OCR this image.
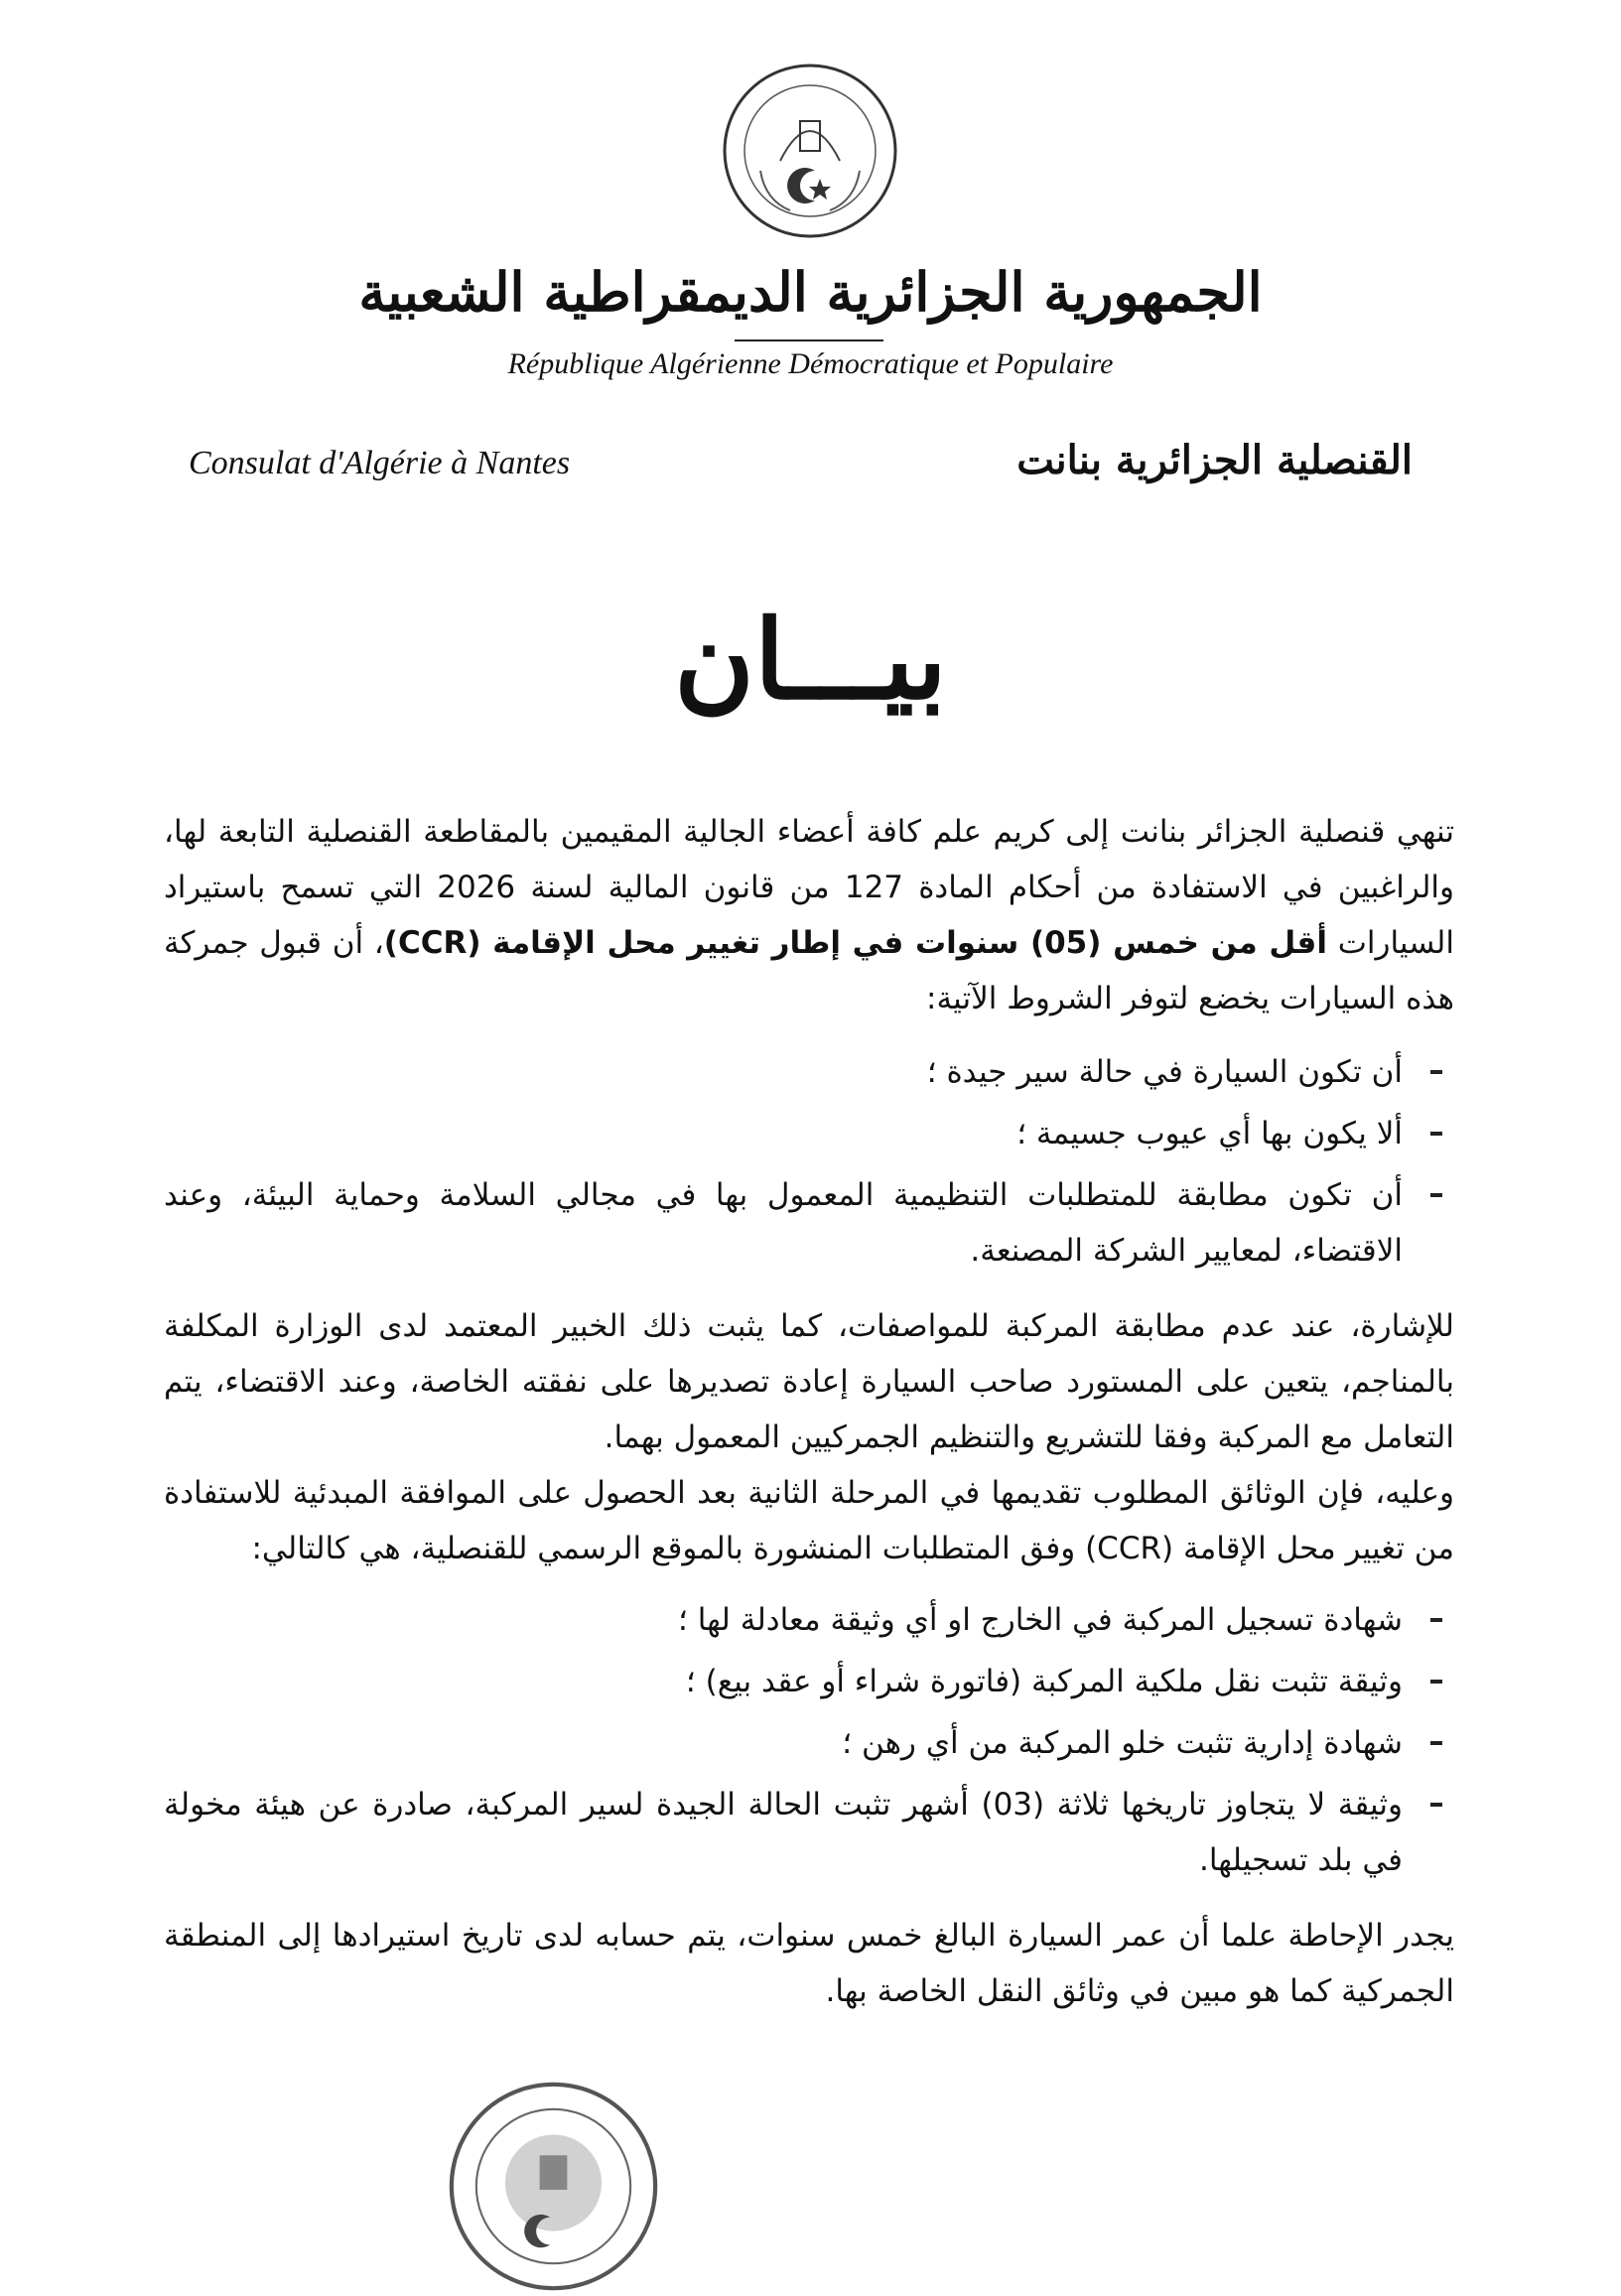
الجمهورية الجزائرية الديمقراطية الشعبية
République Algérienne Démocratique et Populaire
Consulat d'Algérie à Nantes	القنصلية الجزائرية بنانت
بيـــان

تنهي قنصلية الجزائر بنانت إلى كريم علم كافة أعضاء الجالية المقيمين بالمقاطعة القنصلية التابعة لها، والراغبين في الاستفادة من أحكام المادة 127 من قانون المالية لسنة 2026 التي تسمح باستيراد السيارات أقل من خمس (05) سنوات في إطار تغيير محل الإقامة (CCR)، أن قبول جمركة هذه السيارات يخضع لتوفر الشروط الآتية:

أن تكون السيارة في حالة سير جيدة ؛
ألا يكون بها أي عيوب جسيمة ؛
أن تكون مطابقة للمتطلبات التنظيمية المعمول بها في مجالي السلامة وحماية البيئة، وعند الاقتضاء، لمعايير الشركة المصنعة.

للإشارة، عند عدم مطابقة المركبة للمواصفات، كما يثبت ذلك الخبير المعتمد لدى الوزارة المكلفة بالمناجم، يتعين على المستورد صاحب السيارة إعادة تصديرها على نفقته الخاصة، وعند الاقتضاء، يتم التعامل مع المركبة وفقا للتشريع والتنظيم الجمركيين المعمول بهما.

وعليه، فإن الوثائق المطلوب تقديمها في المرحلة الثانية بعد الحصول على الموافقة المبدئية للاستفادة من تغيير محل الإقامة (CCR) وفق المتطلبات المنشورة بالموقع الرسمي للقنصلية، هي كالتالي:

شهادة تسجيل المركبة في الخارج او أي وثيقة معادلة لها ؛
وثيقة تثبت نقل ملكية المركبة (فاتورة شراء أو عقد بيع) ؛
شهادة إدارية تثبت خلو المركبة من أي رهن ؛
وثيقة لا يتجاوز تاريخها ثلاثة (03) أشهر تثبت الحالة الجيدة لسير المركبة، صادرة عن هيئة مخولة في بلد تسجيلها.

يجدر الإحاطة علما أن عمر السيارة البالغ خمس سنوات، يتم حسابه لدى تاريخ استيرادها إلى المنطقة الجمركية كما هو مبين في وثائق النقل الخاصة بها.
